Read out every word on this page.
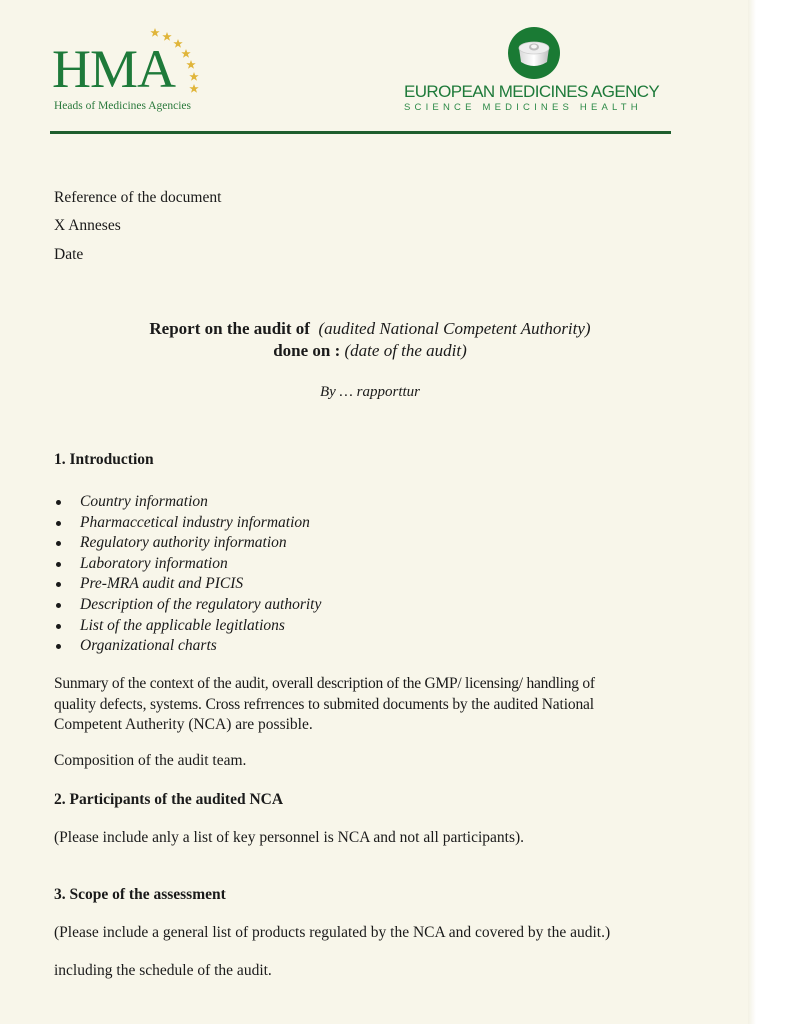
HMA
Heads of Medicines Agencies
EUROPEAN MEDICINES AGENCY
SCIENCE MEDICINES HEALTH
Reference of the document
X Anneses
Date
Report on the audit of (audited National Competent Authority)
done on : (date of the audit)
By … rapporttur
1. Introduction
Country information
Pharmaccetical industry information
Regulatory authority information
Laboratory information
Pre-MRA audit and PICIS
Description of the regulatory authority
List of the applicable legitlations
Organizational charts
Sunmary of the context of the audit, overall description of the GMP/ licensing/ handling of
quality defects, systems. Cross refrrences to submited documents by the audited National
Competent Autherity (NCA) are possible.
Composition of the audit team.
2. Participants of the audited NCA
(Please include anly a list of key personnel is NCA and not all participants).
3. Scope of the assessment
(Please include a general list of products regulated by the NCA and covered by the audit.)
including the schedule of the audit.
